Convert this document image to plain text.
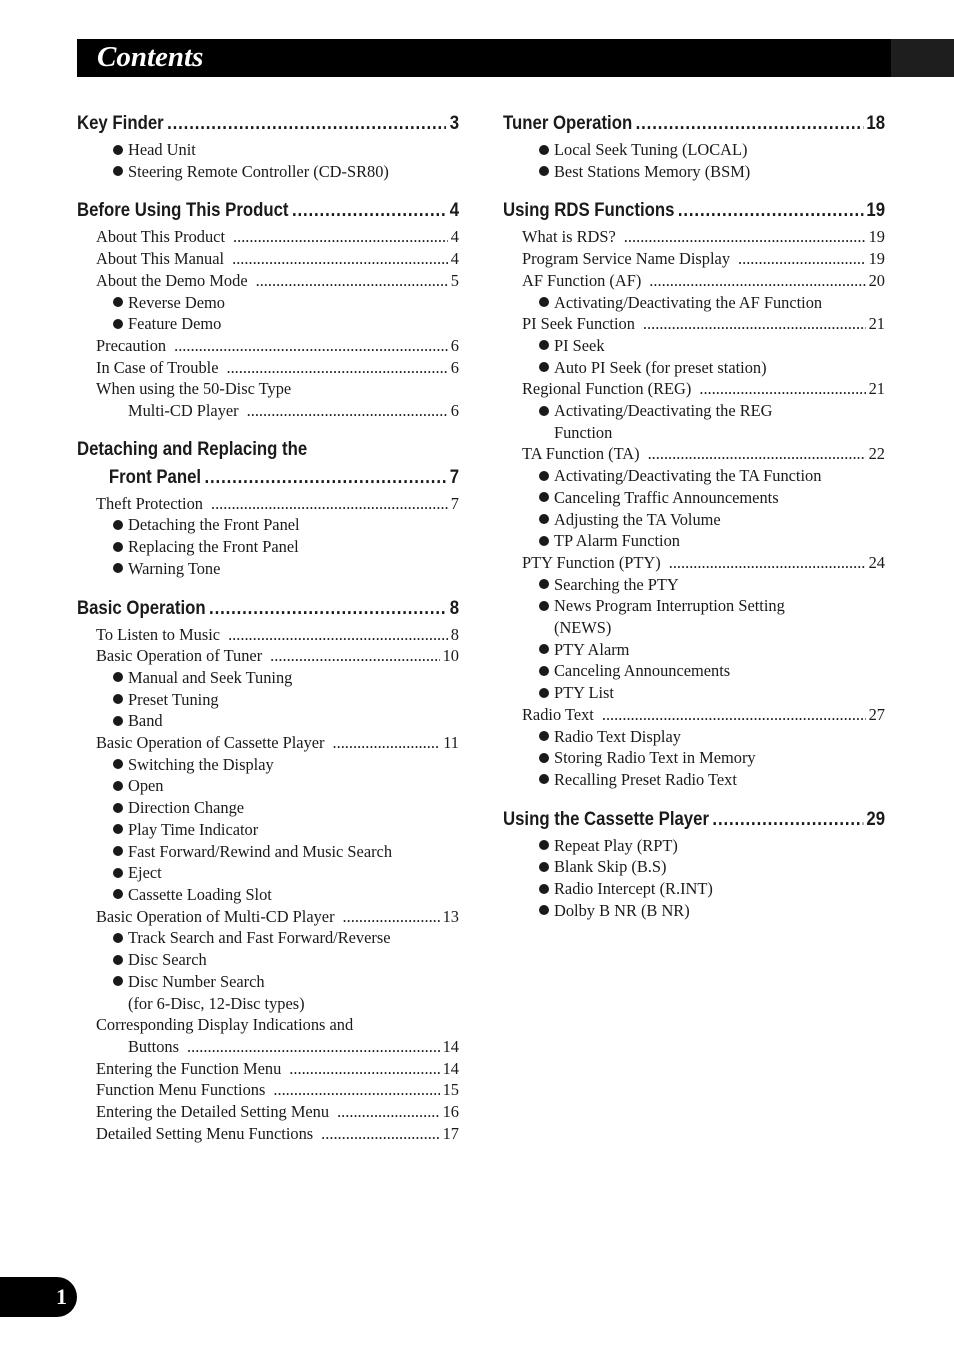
Contents
Key Finder .....	3
Head Unit
Steering Remote Controller (CD-SR80)
Before Using This Product .....	4
About This Product .....	4
About This Manual .....	4
About the Demo Mode .....	5
Reverse Demo
Feature Demo
Precaution .....	6
In Case of Trouble .....	6
When using the 50-Disc Type
Multi-CD Player .....	6
Detaching and Replacing the
Front Panel .....	7
Theft Protection .....	7
Detaching the Front Panel
Replacing the Front Panel
Warning Tone
Basic Operation .....	8
To Listen to Music .....	8
Basic Operation of Tuner .....	10
Manual and Seek Tuning
Preset Tuning
Band
Basic Operation of Cassette Player .....	11
Switching the Display
Open
Direction Change
Play Time Indicator
Fast Forward/Rewind and Music Search
Eject
Cassette Loading Slot
Basic Operation of Multi-CD Player .....	13
Track Search and Fast Forward/Reverse
Disc Search
Disc Number Search
(for 6-Disc, 12-Disc types)
Corresponding Display Indications and
Buttons .....	14
Entering the Function Menu .....	14
Function Menu Functions .....	15
Entering the Detailed Setting Menu .....	16
Detailed Setting Menu Functions .....	17
Tuner Operation .....	18
Local Seek Tuning (LOCAL)
Best Stations Memory (BSM)
Using RDS Functions .....	19
What is RDS? .....	19
Program Service Name Display .....	19
AF Function (AF) .....	20
Activating/Deactivating the AF Function
PI Seek Function .....	21
PI Seek
Auto PI Seek (for preset station)
Regional Function (REG) .....	21
Activating/Deactivating the REG
Function
TA Function (TA) .....	22
Activating/Deactivating the TA Function
Canceling Traffic Announcements
Adjusting the TA Volume
TP Alarm Function
PTY Function (PTY) .....	24
Searching the PTY
News Program Interruption Setting
(NEWS)
PTY Alarm
Canceling Announcements
PTY List
Radio Text .....	27
Radio Text Display
Storing Radio Text in Memory
Recalling Preset Radio Text
Using the Cassette Player .....	29
Repeat Play (RPT)
Blank Skip (B.S)
Radio Intercept (R.INT)
Dolby B NR (B NR)
1
